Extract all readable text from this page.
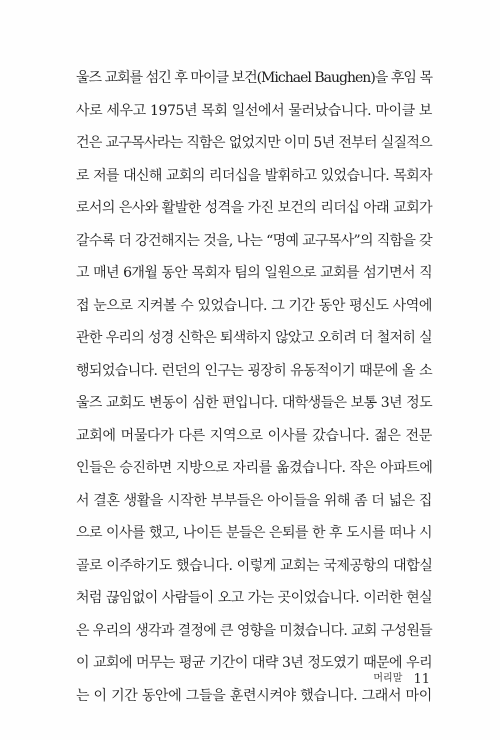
울즈 교회를 섬긴 후 마이클 보건(Michael Baughen)을 후임 목
사로 세우고 1975년 목회 일선에서 물러났습니다. 마이클 보
건은 교구목사라는 직함은 없었지만 이미 5년 전부터 실질적으
로 저를 대신해 교회의 리더십을 발휘하고 있었습니다. 목회자
로서의 은사와 활발한 성격을 가진 보건의 리더십 아래 교회가
갈수록 더 강건해지는 것을, 나는 “명예 교구목사”의 직함을 갖
고 매년 6개월 동안 목회자 팀의 일원으로 교회를 섬기면서 직
접 눈으로 지켜볼 수 있었습니다. 그 기간 동안 평신도 사역에
관한 우리의 성경 신학은 퇴색하지 않았고 오히려 더 철저히 실
행되었습니다. 런던의 인구는 굉장히 유동적이기 때문에 올 소
울즈 교회도 변동이 심한 편입니다. 대학생들은 보통 3년 정도
교회에 머물다가 다른 지역으로 이사를 갔습니다. 젊은 전문
인들은 승진하면 지방으로 자리를 옮겼습니다. 작은 아파트에
서 결혼 생활을 시작한 부부들은 아이들을 위해 좀 더 넓은 집
으로 이사를 했고, 나이든 분들은 은퇴를 한 후 도시를 떠나 시
골로 이주하기도 했습니다. 이렇게 교회는 국제공항의 대합실
처럼 끊임없이 사람들이 오고 가는 곳이었습니다. 이러한 현실
은 우리의 생각과 결정에 큰 영향을 미쳤습니다. 교회 구성원들
이 교회에 머무는 평균 기간이 대략 3년 정도였기 때문에 우리
는 이 기간 동안에 그들을 훈련시켜야 했습니다. 그래서 마이
머리말 11
